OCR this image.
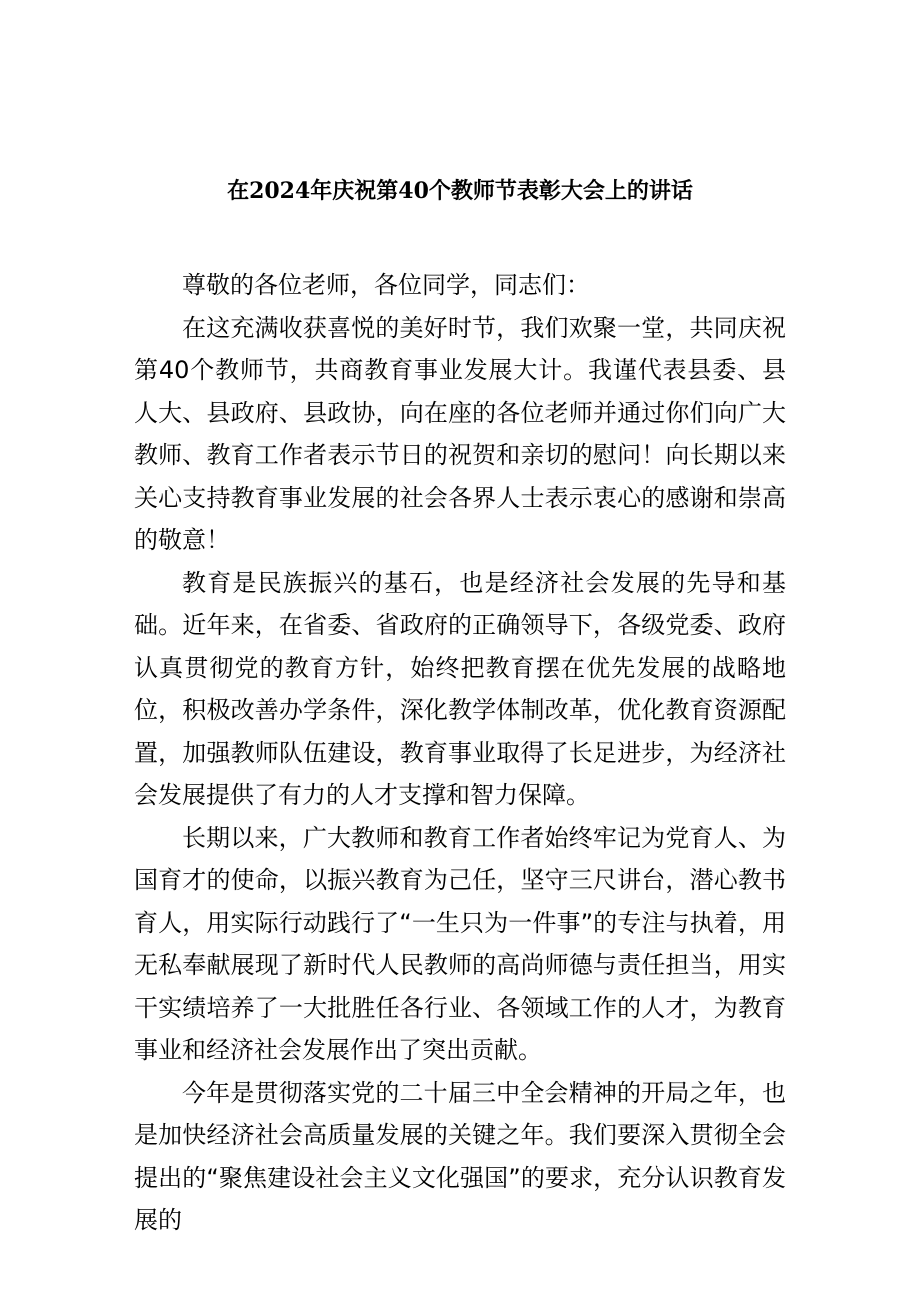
在2024年庆祝第40个教师节表彰大会上的讲话

尊敬的各位老师，各位同学，同志们：

在这充满收获喜悦的美好时节，我们欢聚一堂，共同庆祝第40个教师节，共商教育事业发展大计。我谨代表县委、县人大、县政府、县政协，向在座的各位老师并通过你们向广大教师、教育工作者表示节日的祝贺和亲切的慰问！向长期以来关心支持教育事业发展的社会各界人士表示衷心的感谢和崇高的敬意！

教育是民族振兴的基石，也是经济社会发展的先导和基础。近年来，在省委、省政府的正确领导下，各级党委、政府认真贯彻党的教育方针，始终把教育摆在优先发展的战略地位，积极改善办学条件，深化教学体制改革，优化教育资源配置，加强教师队伍建设，教育事业取得了长足进步，为经济社会发展提供了有力的人才支撑和智力保障。

长期以来，广大教师和教育工作者始终牢记为党育人、为国育才的使命，以振兴教育为己任，坚守三尺讲台，潜心教书育人，用实际行动践行了“一生只为一件事”的专注与执着，用无私奉献展现了新时代人民教师的高尚师德与责任担当，用实干实绩培养了一大批胜任各行业、各领域工作的人才，为教育事业和经济社会发展作出了突出贡献。

今年是贯彻落实党的二十届三中全会精神的开局之年，也是加快经济社会高质量发展的关键之年。我们要深入贯彻全会提出的“聚焦建设社会主义文化强国”的要求，充分认识教育发展的
